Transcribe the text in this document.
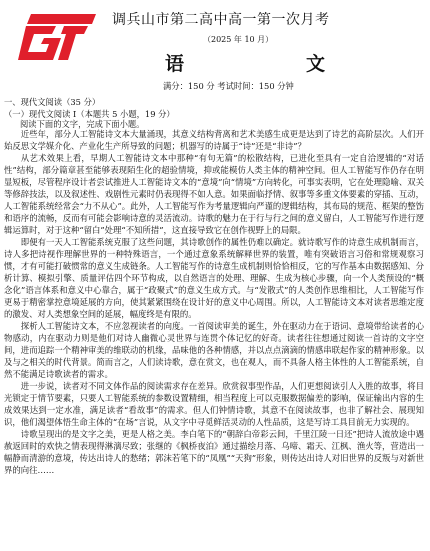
调兵山市第二高中高一第一次月考
（2025 年 10 月）
语	文
满分：150 分 考试时间：150 分钟
一、现代文阅读（35 分）
（一）现代文阅读 I（本题共 5 小题，19 分）
阅读下面的文字，完成下面小题。

近些年，部分人工智能诗文本大量涌现，其意义结构背离和艺术美感生成更是达到了诗艺的高阶层次。人们开始反思文学媒介化、产业化生产所导致的问题；机器写的诗属于“诗”还是“非诗”？

从艺术效果上看，早期人工智能诗文本中那种“有句无篇”的松散结构，已进化至具有一定自洽逻辑的“对话性”结构，部分篇章甚至能够表现陌生化的超验情境，抑或能模仿人类主体的精神空间。但人工智能写作仍存在明显短板，尽管程序设计者尝试推进人工智能诗文本的“意境”向“情境”方向转化，可事实表明，它在处理隐喻、双关等修辞技法，以及叙述性、戏剧性元素时仍表现得不如人意。如果面临抒情、叙事等多重文体要素的穿插、互动，人工智能系统经常会“力不从心”。此外，人工智能写作为考量逻辑向严谨的逻辑结构，其布局的规范、框架的整饬和语序的流畅，反而有可能会影响诗意的灵活流动。诗歌的魅力在于行与行之间的意义留白，人工智能写作进行逻辑运算时，对于这种“留白”处理“不知所措”，这直接导致它在创作视野上的局限。

即便有一天人工智能系统克服了这些问题，其诗歌创作的属性仍难以确定。就诗歌写作的诗意生成机制而言，诗人多把诗视作理解世界的一种特殊语言，一个通过意象系统解释世界的装置，唯有突破语言习俗和常规观察习惯，才有可能打破惯常的意义生成链条。人工智能写作的诗意生成机制则恰恰相反，它的写作基本由数据感知、分析计算、模拟引擎、质量评估四个环节构成，以自然语言的处理、理解、生成为核心步骤，向一个人类预设的“概念化”语言体系和意义中心靠合，属于“政聚式”的意义生成方式。与“发散式”的人类创作思维相比，人工智能写作更易于精密掌控意境延展的方向，使其紧紧围绕在设计好的意义中心周围。所以，人工智能诗文本对读者思维定度的激发、对人类想象空间的延展，幅度终是有限的。

探析人工智能诗文本，不应忽视读者的向度。一首阅读审美的诞生，外在驱动力在于语词、意境带给读者的心物感动，内在驱动力则是他们对诗人幽微心灵世界与连贯个体记忆的好奇。读者往往想通过阅读一首诗的文字空间，进而追踪一个精神审美的维联动的机缘，品味他的各种情感，并以点点滴滴的情感串联起作家的精神形象。以及与之相关的时代背景。简而言之，人们读诗歌，意在赏文，也在观人，而不具备人格主体性的人工智能系统，自然不能满足诗歌读者的需求。

进一步说，读者对不同文体作品的阅读需求存在差异。欣赏叙事型作品，人们更想阅读引人入胜的故事，将目光锁定于情节要素，只要人工智能系统的参数设置精细，相当程度上可以克服数据偏差的影响，保证输出内容的生成效果达到一定水准，满足读者“看故事”的需求。但人们钟情诗歌，其意不在阅读故事，也非了解社会、展现知识，他们渴望体悟生命主体的“在场”言说，从文字中寻觅鲜活灵动的人性品质，这是写诗工具目前无力实现的。

诗歌呈现出的是文字之美，更是人格之美。李白笔下的“朝辞白帝彩云间，千里江陵一日还”把诗人流放途中遇赦返回时的欢快之情表现得淋漓尽致；张继的《枫桥夜泊》通过描绘月落、乌啼、霜天、江枫、渔火等，营造出一幅静而清游的意境，传达出诗人的愁绪；郭沫若笔下的“凤凰”“天狗”形象，则传达出诗人对旧世界的反叛与对新世界的向往……
